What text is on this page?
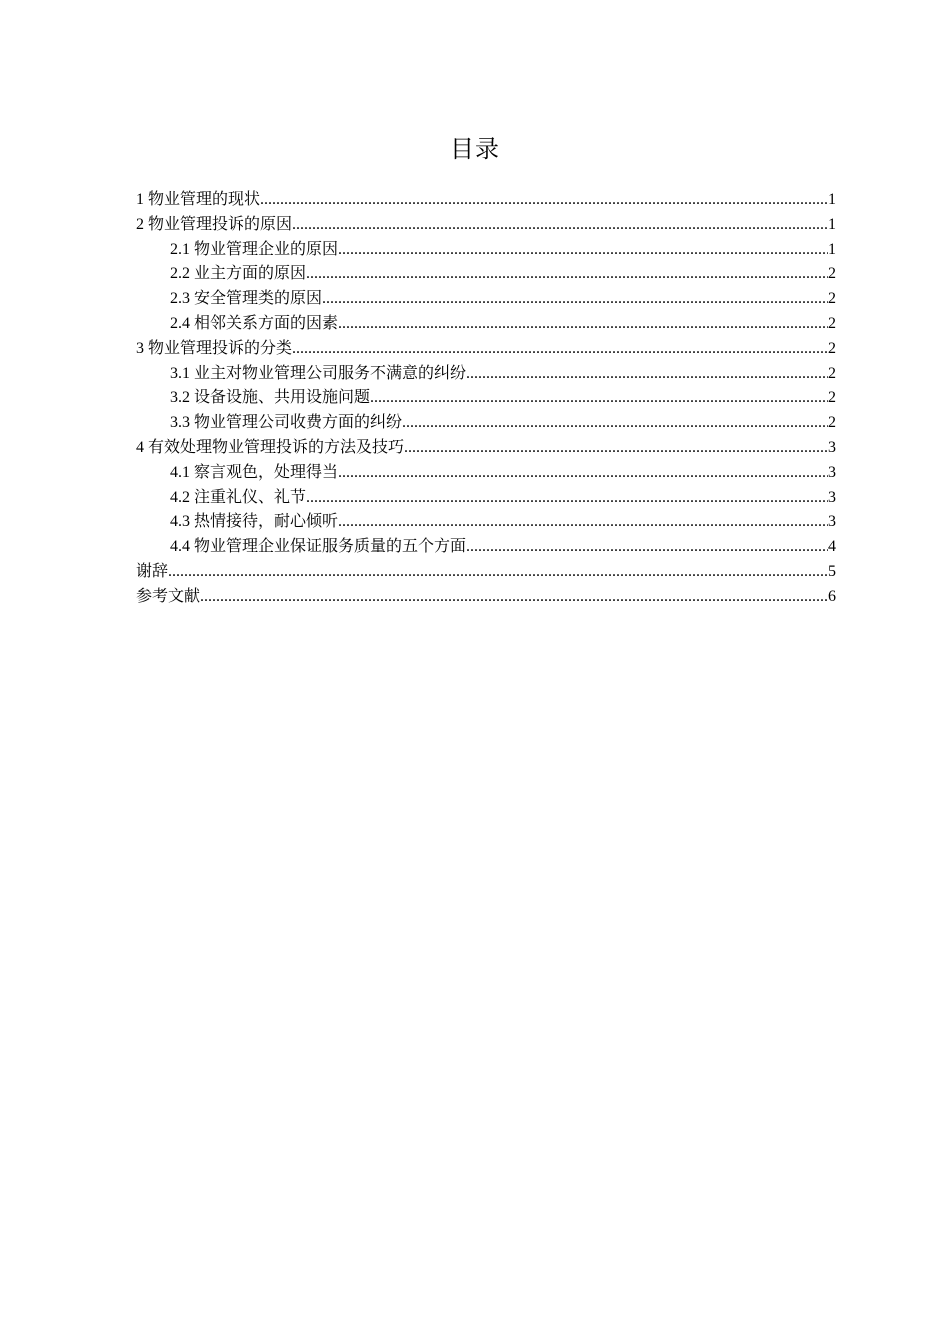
目录
1 物业管理的现状 .....	1
2 物业管理投诉的原因 .....	1
2.1 物业管理企业的原因 .....	1
2.2 业主方面的原因 .....	2
2.3 安全管理类的原因 .....	2
2.4 相邻关系方面的因素 .....	2
3 物业管理投诉的分类 .....	2
3.1 业主对物业管理公司服务不满意的纠纷 .....	2
3.2 设备设施、共用设施问题 .....	2
3.3 物业管理公司收费方面的纠纷 .....	2
4 有效处理物业管理投诉的方法及技巧 .....	3
4.1 察言观色，处理得当 .....	3
4.2 注重礼仪、礼节 .....	3
4.3 热情接待，耐心倾听 .....	3
4.4 物业管理企业保证服务质量的五个方面 .....	4
谢辞 .....	5
参考文献 .....	6
